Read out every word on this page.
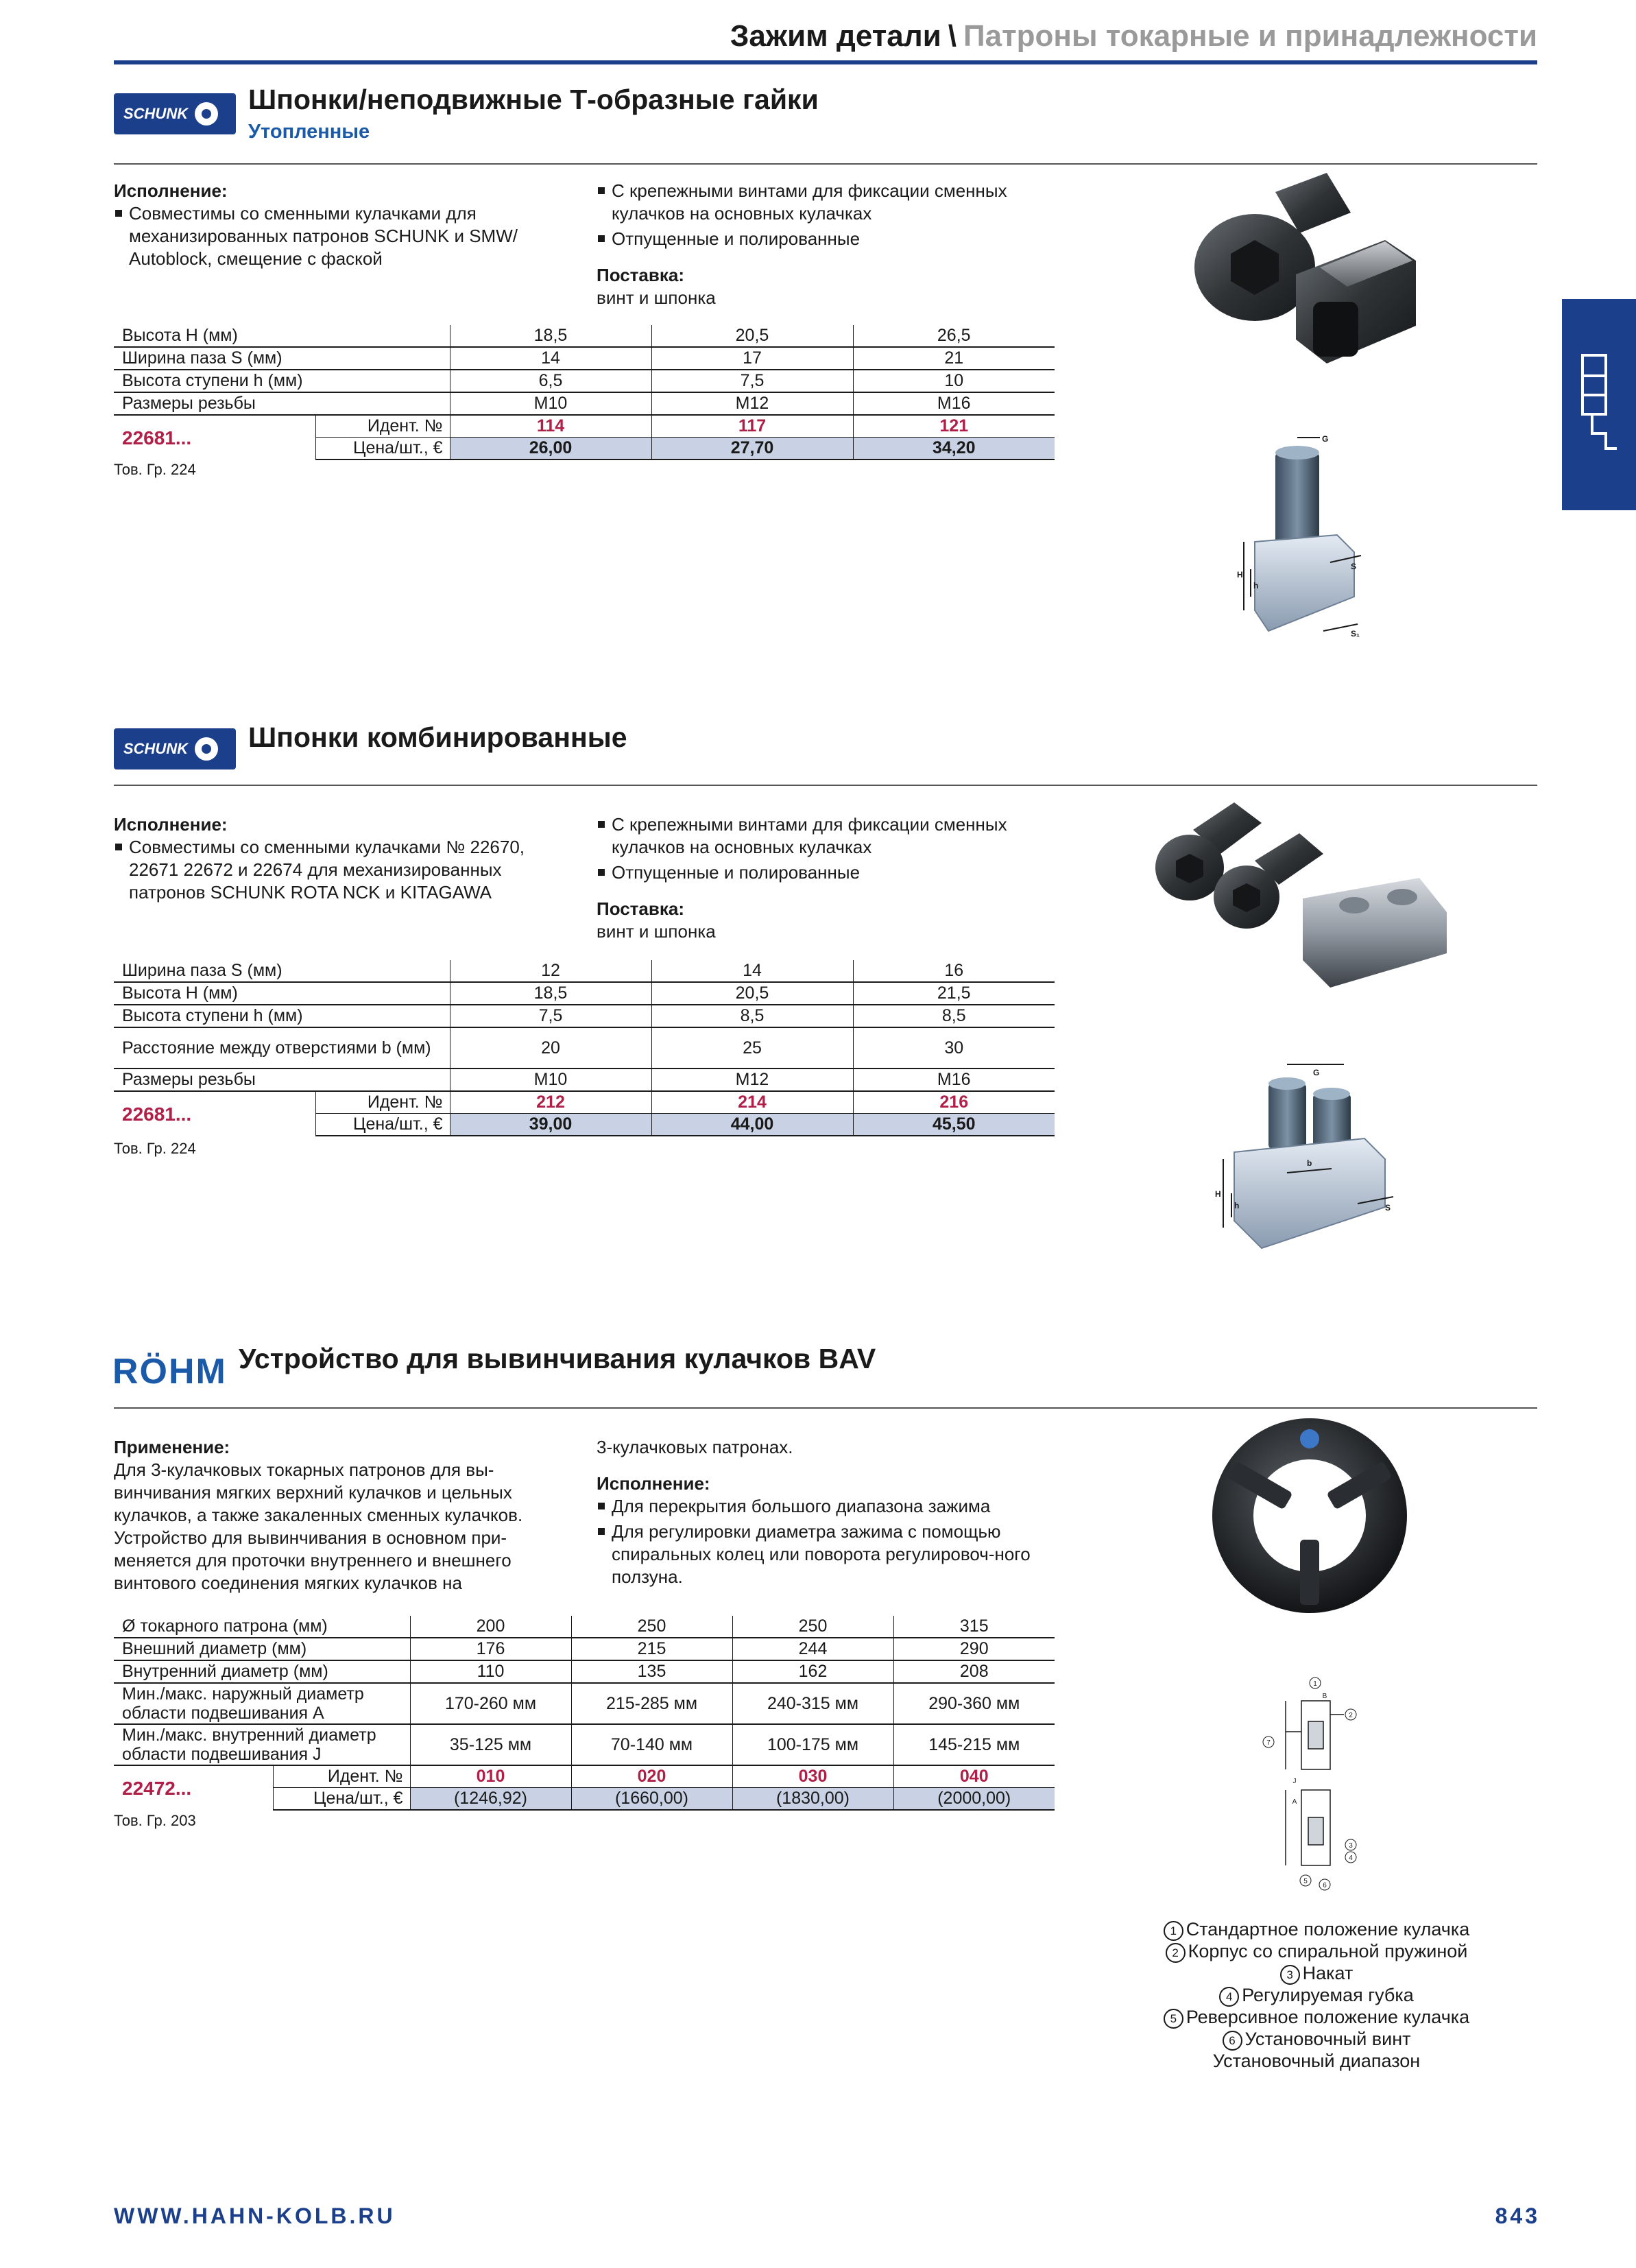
Зажим детали \ Патроны токарные и принадлежности
SCHUNK Шпонки/неподвижные Т-образные гайки
Утопленные
Исполнение:
Совместимы со сменными кулачками для механизированных патронов SCHUNK и SMW/ Autoblock, смещение с фаской
С крепежными винтами для фиксации сменных кулачков на основных кулачках
Отпущенные и полированные
Поставка:
винт и шпонка
Высота H (мм)		18,5	20,5	26,5
Ширина паза S (мм)		14	17	21
Высота ступени h (мм)		6,5	7,5	10
Размеры резьбы		M10	M12	M16
22681...	Идент. №	114	117	121
	Цена/шт., €	26,00	27,70	34,20
Тов. Гр. 224
G
S
H
h
S₁
SCHUNK Шпонки комбинированные
Исполнение:
Совместимы со сменными кулачками № 22670, 22671 22672 и 22674 для механизированных патронов SCHUNK ROTA NCK и KITAGAWA
С крепежными винтами для фиксации сменных кулачков на основных кулачках
Отпущенные и полированные
Поставка:
винт и шпонка
Ширина паза S (мм)		12	14	16
Высота H (мм)		18,5	20,5	21,5
Высота ступени h (мм)		7,5	8,5	8,5
Расстояние между отверстиями b (мм)		20	25	30
Размеры резьбы		M10	M12	M16
22681...	Идент. №	212	214	216
	Цена/шт., €	39,00	44,00	45,50
Тов. Гр. 224
G
b
S
H
h
RÖHM Устройство для вывинчивания кулачков BAV
Применение:
Для 3-кулачковых токарных патронов для вы-винчивания мягких верхний кулачков и цельных кулачков, а также закаленных сменных кулачков. Устройство для вывинчивания в основном при-меняется для проточки внутреннего и внешнего винтового соединения мягких кулачков на
3-кулачковых патронах.
Исполнение:
Для перекрытия большого диапазона зажима
Для регулировки диаметра зажима с помощью спиральных колец или поворота регулировоч-ного ползуна.
Ø токарного патрона (мм)		200	250	250	315
Внешний диаметр (мм)		176	215	244	290
Внутренний диаметр (мм)		110	135	162	208
Мин./макс. наружный диаметр области подвешивания A		170-260 мм	215-285 мм	240-315 мм	290-360 мм
Мин./макс. внутренний диаметр области подвешивания J		35-125 мм	70-140 мм	100-175 мм	145-215 мм
22472...	Идент. №	010	020	030	040
	Цена/шт., €	(1246,92)	(1660,00)	(1830,00)	(2000,00)
Тов. Гр. 203
1
2
3
4
5
6
7
B
A
J
1 Стандартное положение кулачка
2 Корпус со спиральной пружиной
3 Накат
4 Регулируемая губка
5 Реверсивное положение кулачка
6 Установочный винт
Установочный диапазон
WWW.HAHN-KOLB.RU	843
